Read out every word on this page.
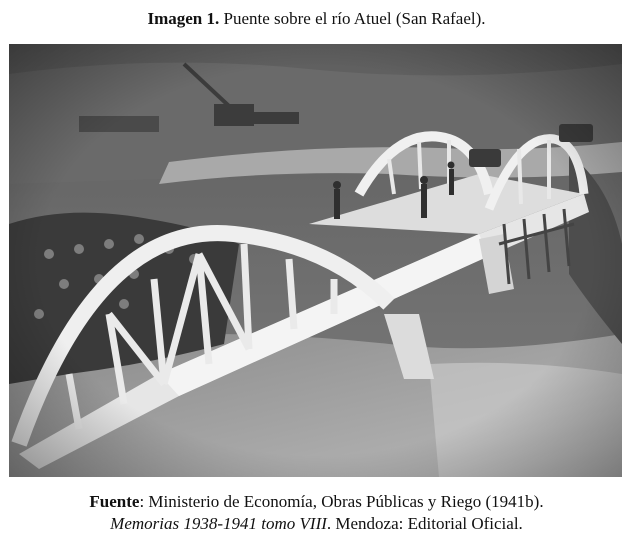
Imagen 1. Puente sobre el río Atuel (San Rafael).
Fuente: Ministerio de Economía, Obras Públicas y Riego (1941b).
Memorias 1938-1941 tomo VIII. Mendoza: Editorial Oficial.
